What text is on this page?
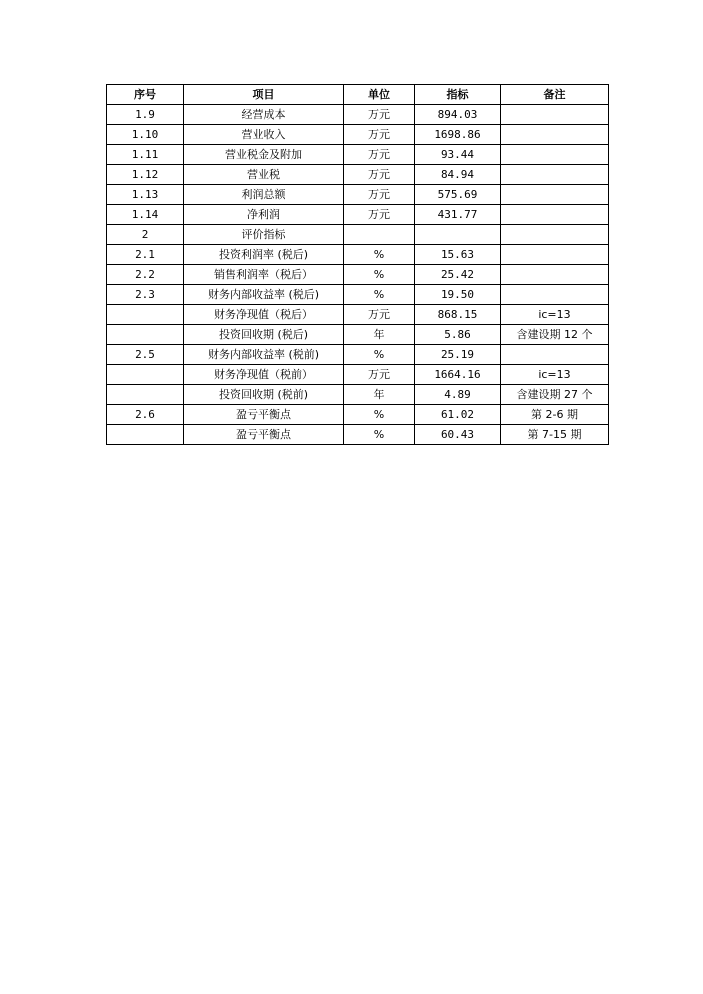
序号	项目	单位	指标	备注
1.9	经营成本	万元	894.03	
1.10	营业收入	万元	1698.86	
1.11	营业税金及附加	万元	93.44	
1.12	营业税	万元	84.94	
1.13	利润总额	万元	575.69	
1.14	净利润	万元	431.77	
2	评价指标			
2.1	投资利润率 (税后)	%	15.63	
2.2	销售利润率（税后）	%	25.42	
2.3	财务内部收益率 (税后)	%	19.50	
	财务净现值（税后）	万元	868.15	ic=13
	投资回收期 (税后)	年	5.86	含建设期 12 个
2.5	财务内部收益率 (税前)	%	25.19	
	财务净现值（税前）	万元	1664.16	ic=13
	投资回收期 (税前)	年	4.89	含建设期 27 个
2.6	盈亏平衡点	%	61.02	第 2-6 期
	盈亏平衡点	%	60.43	第 7-15 期
